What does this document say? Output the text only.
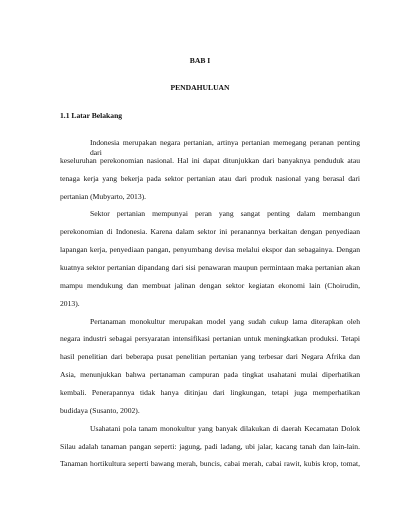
BAB I

PENDAHULUAN

1.1 Latar Belakang

Indonesia merupakan negara pertanian, artinya pertanian memegang peranan penting dari

keseluruhan perekonomian nasional. Hal ini dapat ditunjukkan dari banyaknya penduduk atau

tenaga kerja yang bekerja pada sektor pertanian atau dari produk nasional yang berasal dari

pertanian (Mubyarto, 2013).

Sektor pertanian mempunyai peran yang sangat penting dalam membangun

perekonomian di Indonesia. Karena dalam sektor ini peranannya berkaitan dengan penyediaan

lapangan kerja, penyediaan pangan, penyumbang devisa melalui ekspor dan sebagainya. Dengan

kuatnya sektor pertanian dipandang dari sisi penawaran maupun permintaan maka pertanian akan

mampu mendukung dan membuat jalinan dengan sektor kegiatan ekonomi lain (Choirudin,

2013).

Pertanaman monokultur merupakan model yang sudah cukup lama diterapkan oleh

negara industri sebagai persyaratan intensifikasi pertanian untuk meningkatkan produksi. Tetapi

hasil penelitian dari beberapa pusat penelitian pertanian yang terbesar dari Negara Afrika dan

Asia, menunjukkan bahwa pertanaman campuran pada tingkat usahatani mulai diperhatikan

kembali. Penerapannya tidak hanya ditinjau dari lingkungan, tetapi juga memperhatikan

budidaya (Susanto, 2002).

Usahatani pola tanam monokultur yang banyak dilakukan di daerah Kecamatan Dolok

Silau adalah tanaman pangan seperti: jagung, padi ladang, ubi jalar, kacang tanah dan lain-lain.

Tanaman hortikultura seperti bawang merah, buncis, cabai merah, cabai rawit, kubis krop, tomat,
